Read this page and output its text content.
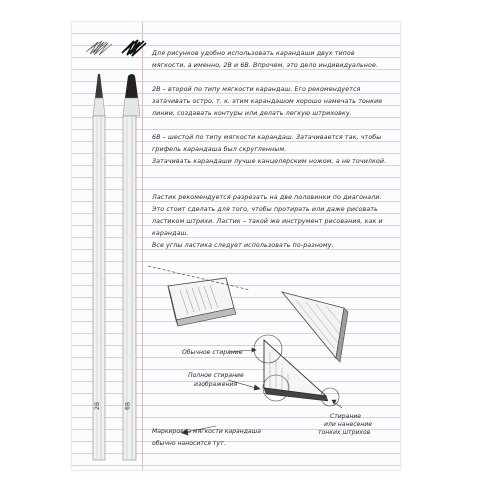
2B	6B
Для рисунков удобно использовать карандаши двух типов мягкости, а именно, 2B и 6B. Впрочем, это дело индивидуальное.
2B – второй по типу мягкости карандаш. Его рекомендуется затачивать остро, т. к. этим карандашом хорошо намечать тонкие линии, создавать контуры или делать легкую штриховку.
6B – шестой по типу мягкости карандаш. Затачивается так, чтобы грифель карандаша был скругленным.
Затачивать карандаши лучше канцелярским ножом, а не точилкой.
Ластик рекомендуется разрезать на две половинки по диагонали. Это стоит сделать для того, чтобы протирать или даже рисовать ластиком штрихи. Ластик – такой же инструмент рисования, как и карандаш.
Все углы ластика следует использовать по-разному.
Обычное стирание
Полное стирание
изображения
Стирание
или нанесение
тонких штрихов
Маркировка мягкости карандаша
обычно наносится тут.
